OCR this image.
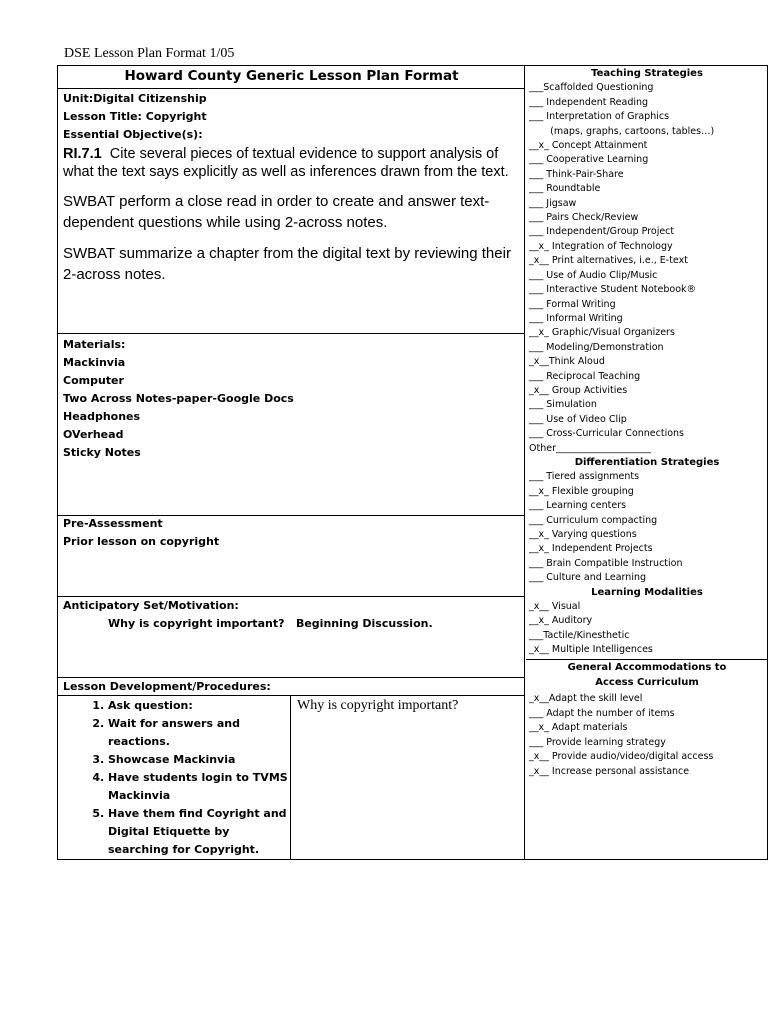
DSE Lesson Plan Format 1/05
Howard County Generic Lesson Plan Format
Unit:Digital Citizenship
Lesson Title: Copyright
Essential Objective(s):
RI.7.1 Cite several pieces of textual evidence to support analysis of what the text says explicitly as well as inferences drawn from the text.
SWBAT perform a close read in order to create and answer text-dependent questions while using 2-across notes.
SWBAT summarize a chapter from the digital text by reviewing their 2-across notes.
Materials:
Mackinvia
Computer
Two Across Notes-paper-Google Docs
Headphones
OVerhead
Sticky Notes
Pre-Assessment
Prior lesson on copyright
Anticipatory Set/Motivation:
Why is copyright important?   Beginning Discussion.
Lesson Development/Procedures:
1. Ask question:
2. Wait for answers and reactions.
3. Showcase Mackinvia
4. Have students login to TVMS Mackinvia
5. Have them find Coyright and Digital Etiquette by searching for Copyright.
Why is copyright important?
Teaching Strategies
___Scaffolded Questioning
___ Independent Reading
___ Interpretation of Graphics
(maps, graphs, cartoons, tables…)
__x_ Concept Attainment
___ Cooperative Learning
___ Think-Pair-Share
___ Roundtable
___ Jigsaw
___ Pairs Check/Review
___ Independent/Group Project
__x_ Integration of Technology
_x__ Print alternatives, i.e., E-text
___ Use of Audio Clip/Music
___ Interactive Student Notebook®
___ Formal Writing
___ Informal Writing
__x_ Graphic/Visual Organizers
___ Modeling/Demonstration
_x__Think Aloud
___ Reciprocal Teaching
_x__ Group Activities
___ Simulation
___ Use of Video Clip
___ Cross-Curricular Connections
Other____________________
Differentiation Strategies
___ Tiered assignments
__x_ Flexible grouping
___ Learning centers
___ Curriculum compacting
__x_ Varying questions
__x_ Independent Projects
___ Brain Compatible Instruction
___ Culture and Learning
Learning Modalities
_x__ Visual
__x_ Auditory
___Tactile/Kinesthetic
_x__ Multiple Intelligences
General Accommodations to
Access Curriculum
_x__Adapt the skill level
___ Adapt the number of items
__x_ Adapt materials
___ Provide learning strategy
_x__ Provide audio/video/digital access
_x__ Increase personal assistance
